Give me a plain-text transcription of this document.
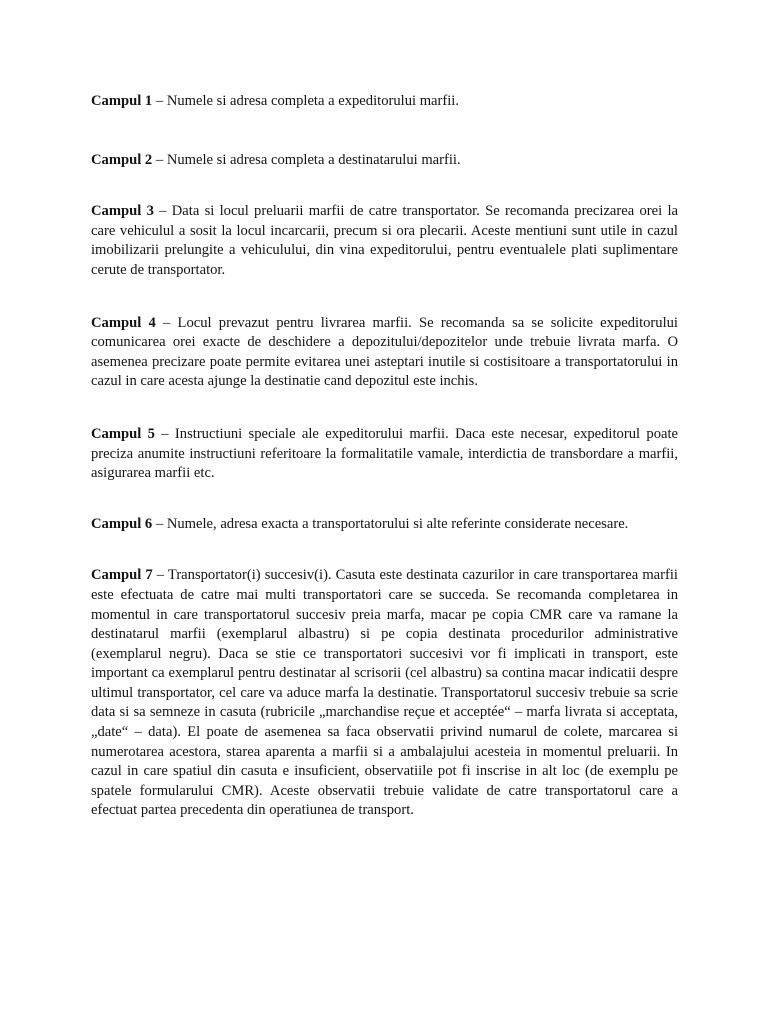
Campul 1 – Numele si adresa completa a expeditorului marfii.

Campul 2 – Numele si adresa completa a destinatarului marfii.

Campul 3 – Data si locul preluarii marfii de catre transportator. Se recomanda precizarea orei la care vehiculul a sosit la locul incarcarii, precum si ora plecarii. Aceste mentiuni sunt utile in cazul imobilizarii prelungite a vehiculului, din vina expeditorului, pentru eventualele plati suplimentare cerute de transportator.

Campul 4 – Locul prevazut pentru livrarea marfii. Se recomanda sa se solicite expeditorului comunicarea orei exacte de deschidere a depozitului/depozitelor unde trebuie livrata marfa. O asemenea precizare poate permite evitarea unei asteptari inutile si costisitoare a transportatorului in cazul in care acesta ajunge la destinatie cand depozitul este inchis.

Campul 5 – Instructiuni speciale ale expeditorului marfii. Daca este necesar, expeditorul poate preciza anumite instructiuni referitoare la formalitatile vamale, interdictia de transbordare a marfii, asigurarea marfii etc.

Campul 6 – Numele, adresa exacta a transportatorului si alte referinte considerate necesare.

Campul 7 – Transportator(i) succesiv(i). Casuta este destinata cazurilor in care transportarea marfii este efectuata de catre mai multi transportatori care se succeda. Se recomanda completarea in momentul in care transportatorul succesiv preia marfa, macar pe copia CMR care va ramane la destinatarul marfii (exemplarul albastru) si pe copia destinata procedurilor administrative (exemplarul negru). Daca se stie ce transportatori succesivi vor fi implicati in transport, este important ca exemplarul pentru destinatar al scrisorii (cel albastru) sa contina macar indicatii despre ultimul transportator, cel care va aduce marfa la destinatie. Transportatorul succesiv trebuie sa scrie data si sa semneze in casuta (rubricile „marchandise reçue et acceptée“ – marfa livrata si acceptata, „date“ – data). El poate de asemenea sa faca observatii privind numarul de colete, marcarea si numerotarea acestora, starea aparenta a marfii si a ambalajului acesteia in momentul preluarii. In cazul in care spatiul din casuta e insuficient, observatiile pot fi inscrise in alt loc (de exemplu pe spatele formularului CMR). Aceste observatii trebuie validate de catre transportatorul care a efectuat partea precedenta din operatiunea de transport.
